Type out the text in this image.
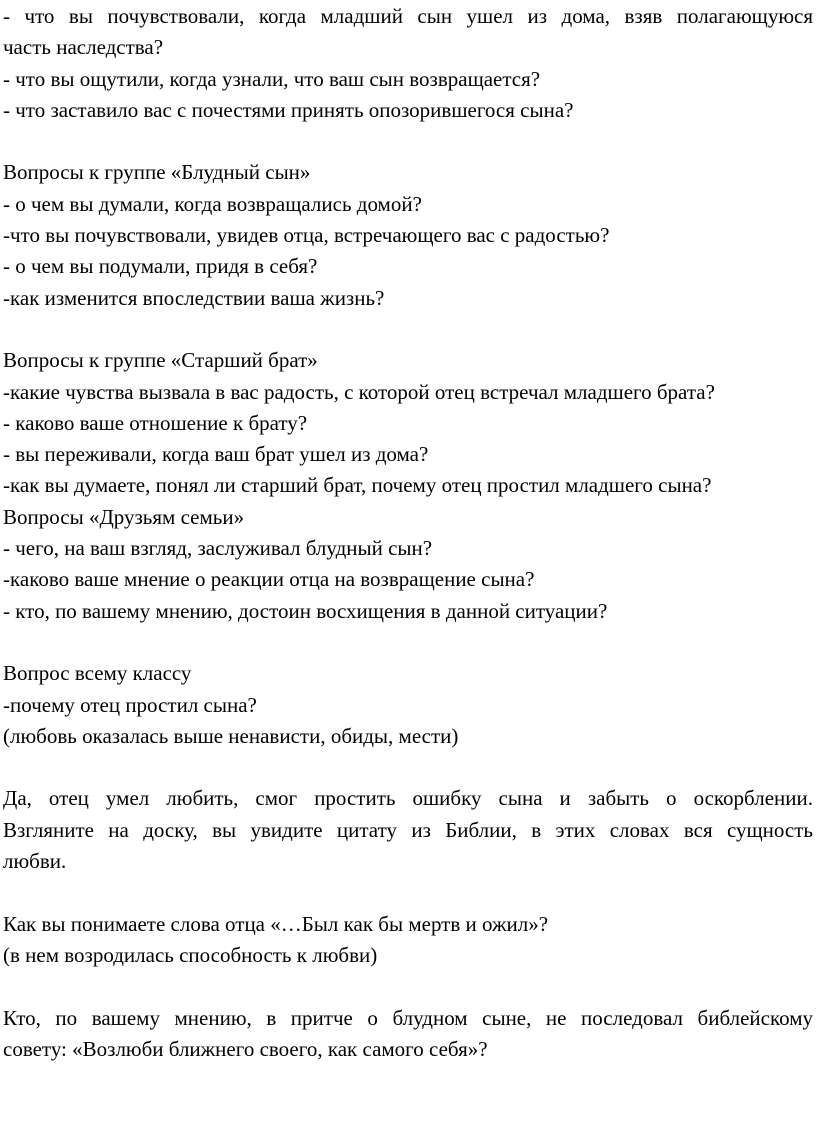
- что вы почувствовали, когда младший сын ушел из дома, взяв полагающуюся
часть наследства?
- что вы ощутили, когда узнали, что ваш сын возвращается?
- что заставило вас с почестями принять опозорившегося сына?
Вопросы к группе «Блудный сын»
- о чем вы думали, когда возвращались домой?
-что вы почувствовали, увидев отца, встречающего вас с радостью?
- о чем вы подумали, придя в себя?
-как изменится впоследствии ваша жизнь?
Вопросы к группе «Старший брат»
-какие чувства вызвала в вас радость, с которой отец встречал младшего брата?
- каково ваше отношение к брату?
- вы переживали, когда ваш брат ушел из дома?
-как вы думаете, понял ли старший брат, почему отец простил младшего сына?
Вопросы «Друзьям семьи»
- чего, на ваш взгляд, заслуживал блудный сын?
-каково ваше мнение о реакции отца на возвращение сына?
- кто, по вашему мнению, достоин восхищения в данной ситуации?
Вопрос всему классу
-почему отец простил сына?
(любовь оказалась выше ненависти, обиды, мести)
Да, отец умел любить, смог простить ошибку сына и забыть о оскорблении.
Взгляните на доску, вы увидите цитату из Библии, в этих словах вся сущность
любви.
Как вы понимаете слова отца «…Был как бы мертв и ожил»?
(в нем возродилась способность к любви)
Кто, по вашему мнению, в притче о блудном сыне, не последовал библейскому
совету: «Возлюби ближнего своего, как самого себя»?
